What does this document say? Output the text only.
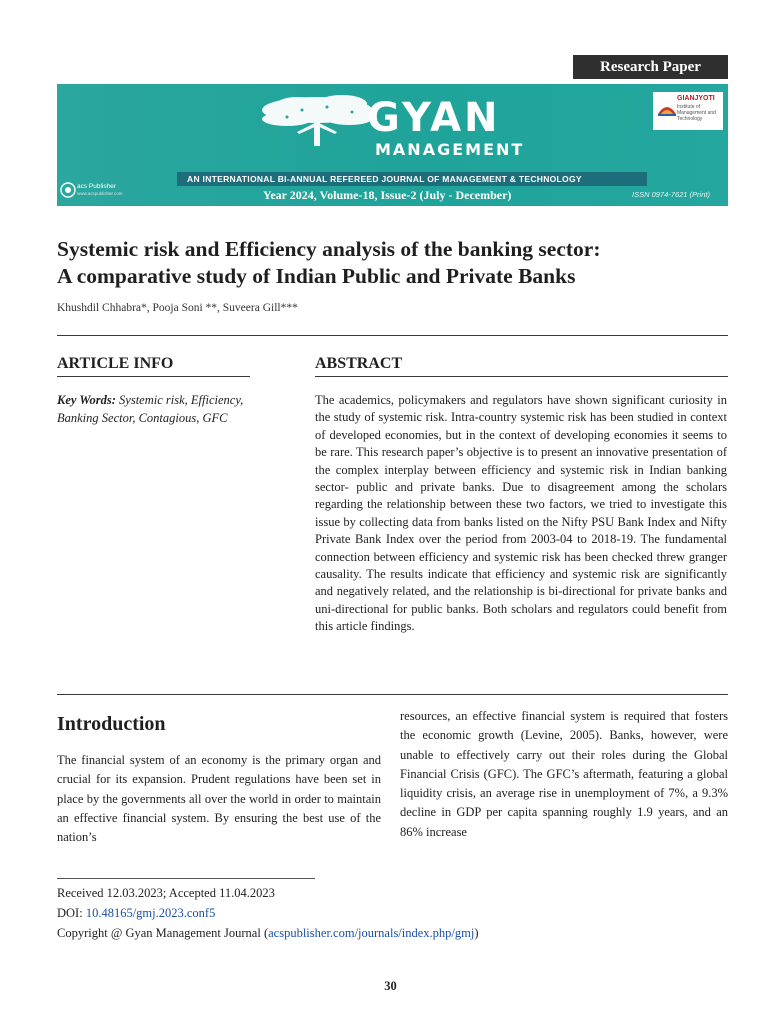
Research Paper
GYAN
MANAGEMENT
GIANJYOTI
Institute of Management and Technology
AN INTERNATIONAL BI-ANNUAL REFEREED JOURNAL OF MANAGEMENT & TECHNOLOGY
Year 2024, Volume-18, Issue-2 (July - December)	ISSN 0974-7621 (Print)
acs Publisher
www.acspublisher.com
Systemic risk and Efficiency analysis of the banking sector:
A comparative study of Indian Public and Private Banks
Khushdil Chhabra*, Pooja Soni **, Suveera Gill***
ARTICLE INFO
Key Words: Systemic risk, Efficiency, Banking Sector, Contagious, GFC
ABSTRACT
The academics, policymakers and regulators have shown significant curiosity in the study of systemic risk. Intra-country systemic risk has been studied in context of developed economies, but in the context of developing economies it seems to be rare. This research paper’s objective is to present an innovative presentation of the complex interplay between efficiency and systemic risk in Indian banking sector- public and private banks. Due to disagreement among the scholars regarding the relationship between these two factors, we tried to investigate this issue by collecting data from banks listed on the Nifty PSU Bank Index and Nifty Private Bank Index over the period from 2003-04 to 2018-19. The fundamental connection between efficiency and systemic risk has been checked threw granger causality. The results indicate that efficiency and systemic risk are significantly and negatively related, and the relationship is bi-directional for private banks and uni-directional for public banks. Both scholars and regulators could benefit from this article findings.
Introduction
The financial system of an economy is the primary organ and crucial for its expansion. Prudent regulations have been set in place by the governments all over the world in order to maintain an effective financial system. By ensuring the best use of the nation’s
resources, an effective financial system is required that fosters the economic growth (Levine, 2005). Banks, however, were unable to effectively carry out their roles during the Global Financial Crisis (GFC). The GFC’s aftermath, featuring a global liquidity crisis, an average rise in unemployment of 7%, a 9.3% decline in GDP per capita spanning roughly 1.9 years, and an 86% increase
Received 12.03.2023; Accepted 11.04.2023
DOI: 10.48165/gmj.2023.conf5
Copyright @ Gyan Management Journal (acspublisher.com/journals/index.php/gmj)
30
